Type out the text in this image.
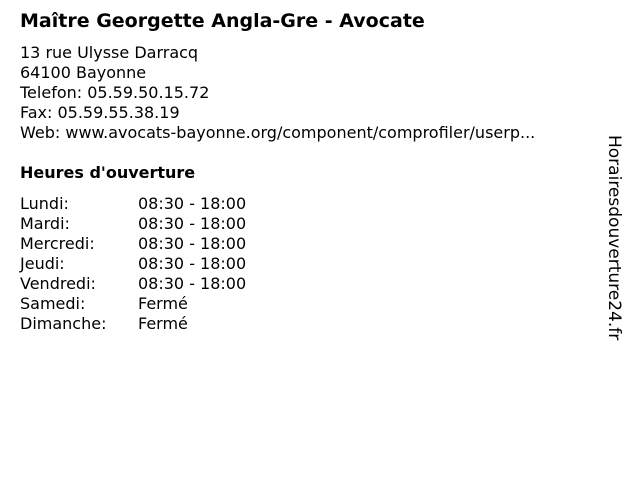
Maître Georgette Angla-Gre - Avocate
13 rue Ulysse Darracq
64100 Bayonne
Telefon: 05.59.50.15.72
Fax: 05.59.55.38.19
Web: www.avocats-bayonne.org/component/comprofiler/userp...
Heures d'ouverture
Lundi:	08:30 - 18:00
Mardi:	08:30 - 18:00
Mercredi:	08:30 - 18:00
Jeudi:	08:30 - 18:00
Vendredi:	08:30 - 18:00
Samedi:	Fermé
Dimanche:	Fermé	Horairesdouverture24.fr
